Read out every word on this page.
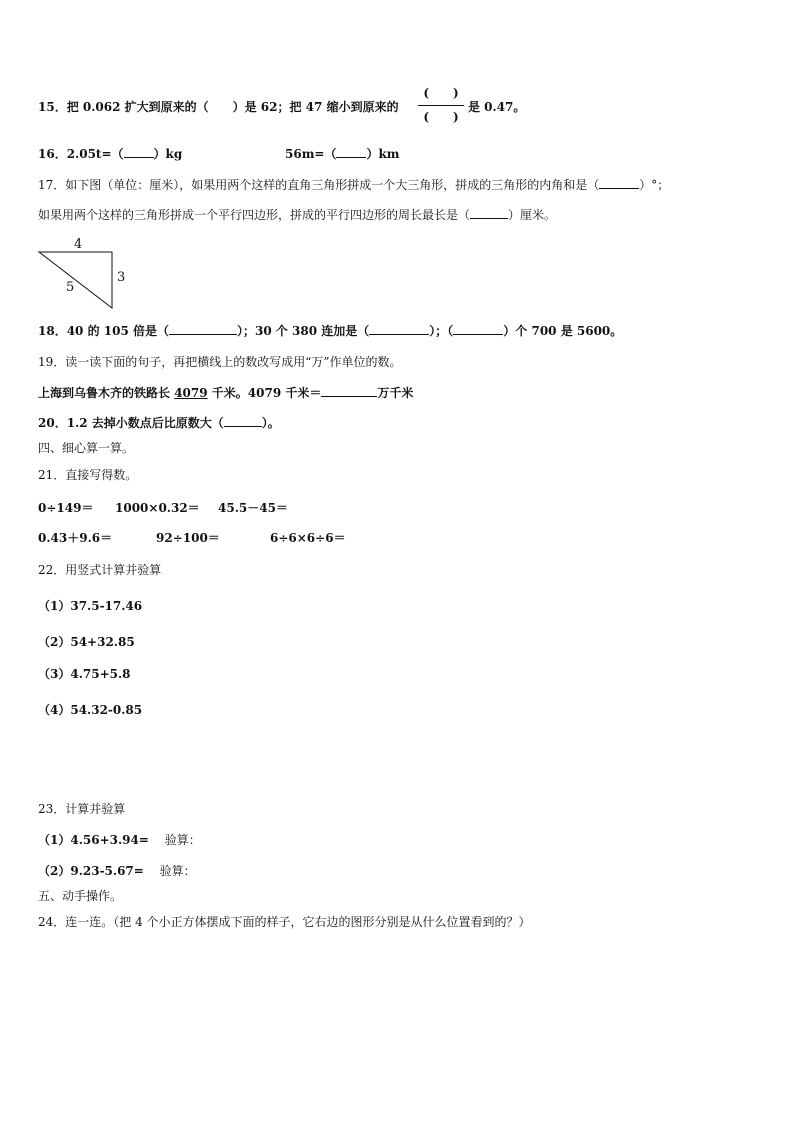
15．把 0.062 扩大到原来的（　　）是 62；把 47 缩小到原来的
(　　)
(　　)
是 0.47。
16．2.05t=（	）kg	56m=（	）km
17．如下图（单位：厘米），如果用两个这样的直角三角形拼成一个大三角形，拼成的三角形的内角和是（	）°；
如果用两个这样的三角形拼成一个平行四边形，拼成的平行四边形的周长最长是（	）厘米。
4
5
3
18．40 的 105 倍是（	）；30 个 380 连加是（	）；（	）个 700 是 5600。
19．读一读下面的句子，再把横线上的数改写成用“万”作单位的数。
上海到乌鲁木齐的铁路长 4079 千米。4079 千米＝	万千米
20．1.2 去掉小数点后比原数大（	）。
四、细心算一算。
21．直接写得数。
0÷149＝ 1000×0.32＝ 45.5－45＝
0.43＋9.6＝	92÷100＝	6÷6×6÷6＝
22．用竖式计算并验算
（1）37.5-17.46
（2）54+32.85
（3）4.75+5.8
（4）54.32-0.85
23．计算并验算
（1）4.56+3.94= 验算：
（2）9.23-5.67= 验算：
五、动手操作。
24．连一连。（把 4 个小正方体摆成下面的样子，它右边的图形分别是从什么位置看到的？）
